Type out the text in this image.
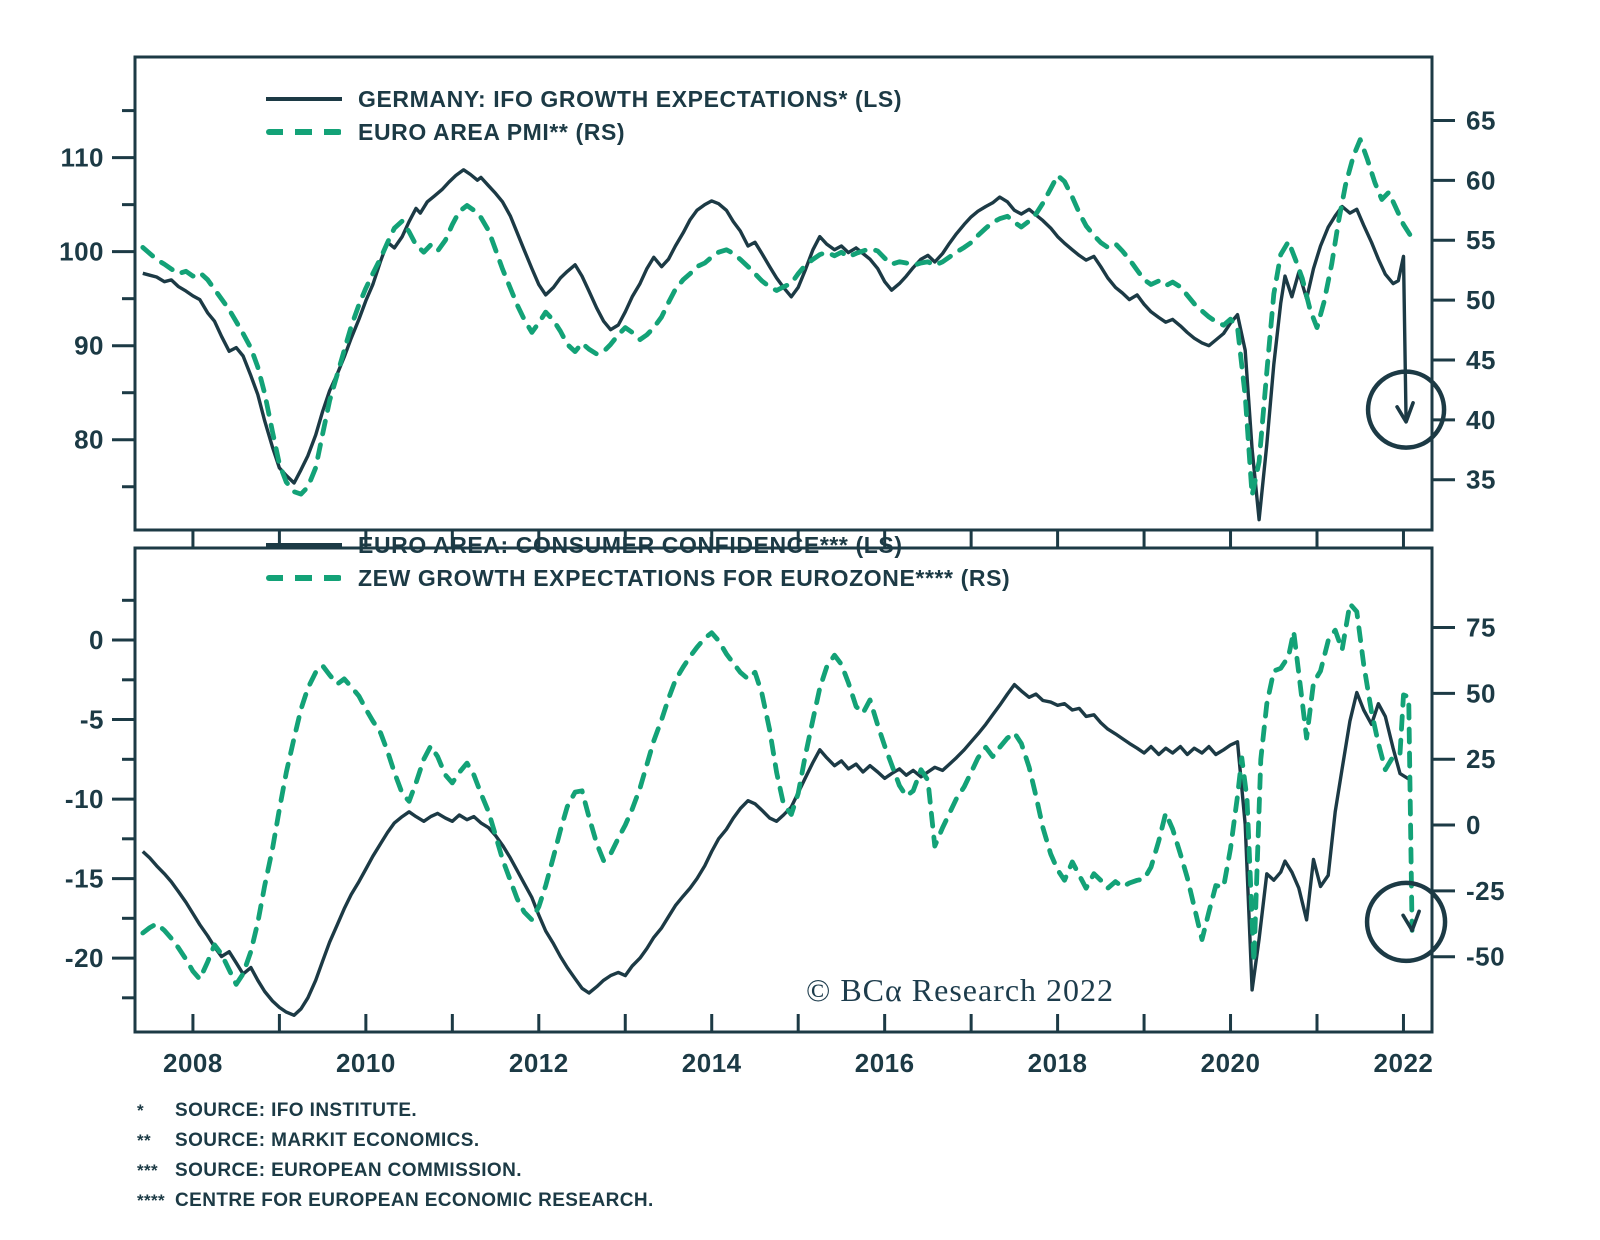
80
90
100
110
35
40
45
50
55
60
65
0
-5
-10
-15
-20
75
50
25
0
-25
-50
2008	2010	2012	2014	2016	2018	2020	2022
GERMANY: IFO GROWTH EXPECTATIONS* (LS)
EURO AREA PMI** (RS)
EURO AREA: CONSUMER CONFIDENCE*** (LS)
ZEW GROWTH EXPECTATIONS FOR EUROZONE**** (RS)
© BCα Research 2022
*	SOURCE: IFO INSTITUTE.
**	SOURCE: MARKIT ECONOMICS.
*** SOURCE: EUROPEAN COMMISSION.
**** CENTRE FOR EUROPEAN ECONOMIC RESEARCH.
